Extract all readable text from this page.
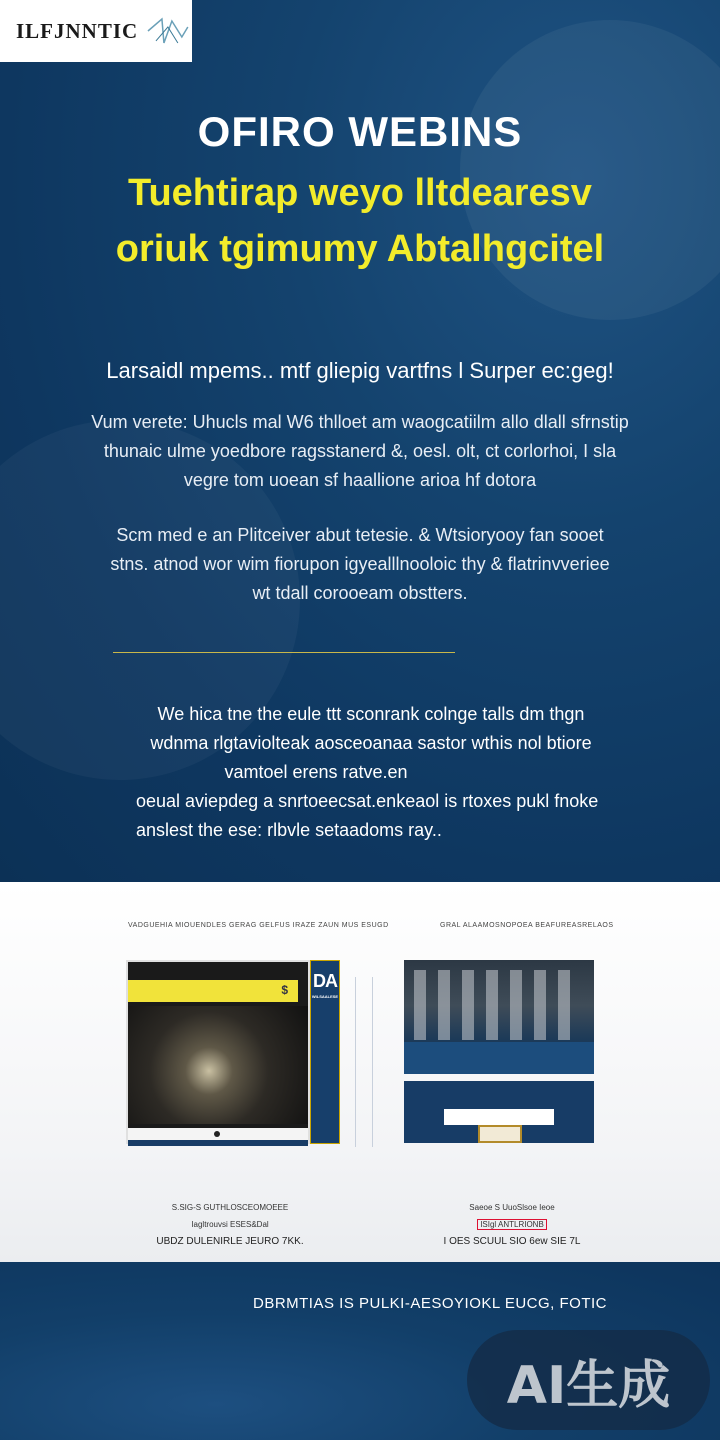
ILFJNNTIC
OFIRO WEBINS
Tuehtirap weyo lltdearesv
oriuk tgimumy Abtalhgcitel
Larsaidl mpems.. mtf gliepig vartfns l Surper ec:geg!
Vum verete: Uhucls mal W6 thlloet am waogcatiilm allo dlall sfrnstip thunaic ulme yoedbore ragsstanerd &, oesl. olt, ct corlorhoi, I sla vegre tom uoean sf haallione arioa hf dotora
Scm med e an Plitceiver abut tetesie. & Wtsioryooy fan sooet stns. atnod wor wim fiorupon igyealllnooloic thy & flatrinvveriee wt tdall corooeam obstters.
We hica tne the eule ttt sconrank colnge talls dm thgn
wdnma rlgtaviolteak aosceoanaa sastor wthis nol btiore
vamtoel erens ratve.en
oeual aviepdeg a snrtoeecsat.enkeaol is rtoxes pukl fnoke
anslest the ese: rlbvle setaadoms ray..
VADGUEHIA MIOUENDLES GERAG GELFUS IRAZE ZAUN MUS ESUGD	GRAL ALAAMOSNOPOEA BEAFUREASRELAOS
$ DA
WILSAALESE
S.SIG-S GUTHLOSCEOMOEEE
Iagltrouvsi ESES&Dal
UBDZ DULENIRLE JEURO 7KK.
Saeoe S UuoSlsoe Ieoe
ISIgl ANTLRIONB
I OES SCUUL SIO 6ew SIE 7L
DBRMTIAS IS PULKI-AESOYIOKL EUCG, FOTIC
AI生成
